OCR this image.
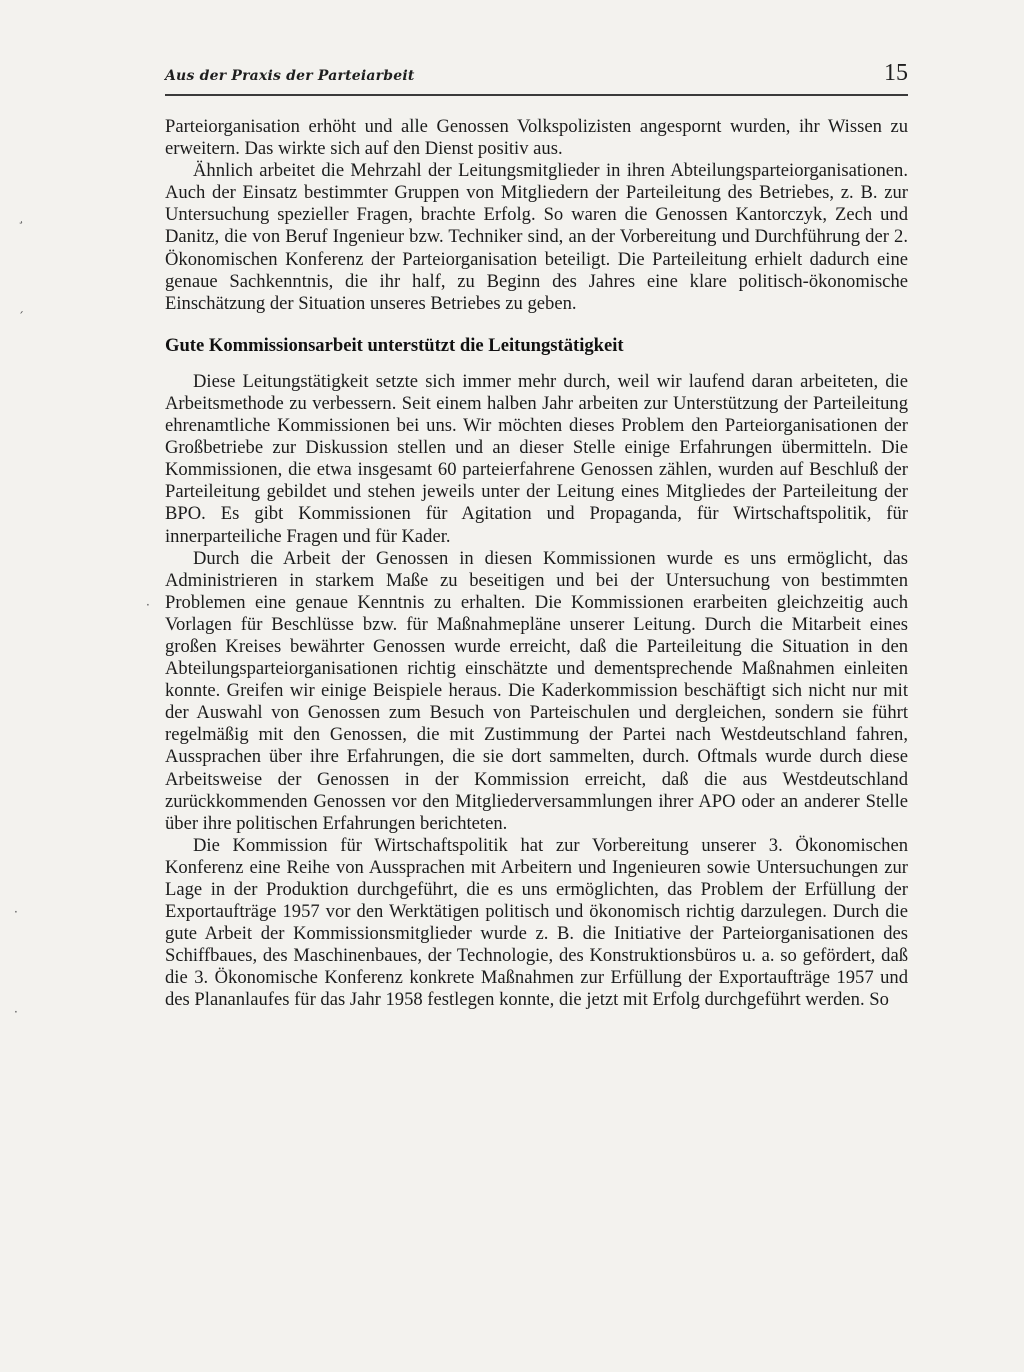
Aus der Praxis der Parteiarbeit	15

Parteiorganisation erhöht und alle Genossen Volkspolizisten angespornt wurden, ihr Wissen zu erweitern. Das wirkte sich auf den Dienst positiv aus.

Ähnlich arbeitet die Mehrzahl der Leitungsmitglieder in ihren Abteilungsparteiorganisationen. Auch der Einsatz bestimmter Gruppen von Mitgliedern der Parteileitung des Betriebes, z. B. zur Untersuchung spezieller Fragen, brachte Erfolg. So waren die Genossen Kantorczyk, Zech und Danitz, die von Beruf Ingenieur bzw. Techniker sind, an der Vorbereitung und Durchführung der 2. Ökonomischen Konferenz der Parteiorganisation beteiligt. Die Parteileitung erhielt dadurch eine genaue Sachkenntnis, die ihr half, zu Beginn des Jahres eine klare politisch-ökonomische Einschätzung der Situation unseres Betriebes zu geben.

Gute Kommissionsarbeit unterstützt die Leitungstätigkeit

Diese Leitungstätigkeit setzte sich immer mehr durch, weil wir laufend daran arbeiteten, die Arbeitsmethode zu verbessern. Seit einem halben Jahr arbeiten zur Unterstützung der Parteileitung ehrenamtliche Kommissionen bei uns. Wir möchten dieses Problem den Parteiorganisationen der Großbetriebe zur Diskussion stellen und an dieser Stelle einige Erfahrungen übermitteln. Die Kommissionen, die etwa insgesamt 60 parteierfahrene Genossen zählen, wurden auf Beschluß der Parteileitung gebildet und stehen jeweils unter der Leitung eines Mitgliedes der Parteileitung der BPO. Es gibt Kommissionen für Agitation und Propaganda, für Wirtschaftspolitik, für innerparteiliche Fragen und für Kader.

Durch die Arbeit der Genossen in diesen Kommissionen wurde es uns ermöglicht, das Administrieren in starkem Maße zu beseitigen und bei der Untersuchung von bestimmten Problemen eine genaue Kenntnis zu erhalten. Die Kommissionen erarbeiten gleichzeitig auch Vorlagen für Beschlüsse bzw. für Maßnahmepläne unserer Leitung. Durch die Mitarbeit eines großen Kreises bewährter Genossen wurde erreicht, daß die Parteileitung die Situation in den Abteilungsparteiorganisationen richtig einschätzte und dementsprechende Maßnahmen einleiten konnte. Greifen wir einige Beispiele heraus. Die Kaderkommission beschäftigt sich nicht nur mit der Auswahl von Genossen zum Besuch von Parteischulen und dergleichen, sondern sie führt regelmäßig mit den Genossen, die mit Zustimmung der Partei nach Westdeutschland fahren, Aussprachen über ihre Erfahrungen, die sie dort sammelten, durch. Oftmals wurde durch diese Arbeitsweise der Genossen in der Kommission erreicht, daß die aus Westdeutschland zurückkommenden Genossen vor den Mitgliederversammlungen ihrer APO oder an anderer Stelle über ihre politischen Erfahrungen berichteten.

Die Kommission für Wirtschaftspolitik hat zur Vorbereitung unserer 3. Ökonomischen Konferenz eine Reihe von Aussprachen mit Arbeitern und Ingenieuren sowie Untersuchungen zur Lage in der Produktion durchgeführt, die es uns ermöglichten, das Problem der Erfüllung der Exportaufträge 1957 vor den Werktätigen politisch und ökonomisch richtig darzulegen. Durch die gute Arbeit der Kommissionsmitglieder wurde z. B. die Initiative der Parteiorganisationen des Schiffbaues, des Maschinenbaues, der Technologie, des Konstruktionsbüros u. a. so gefördert, daß die 3. Ökonomische Konferenz konkrete Maßnahmen zur Erfüllung der Exportaufträge 1957 und des Plananlaufes für das Jahr 1958 festlegen konnte, die jetzt mit Erfolg durchgeführt werden. So

¸
´
·
·
·
